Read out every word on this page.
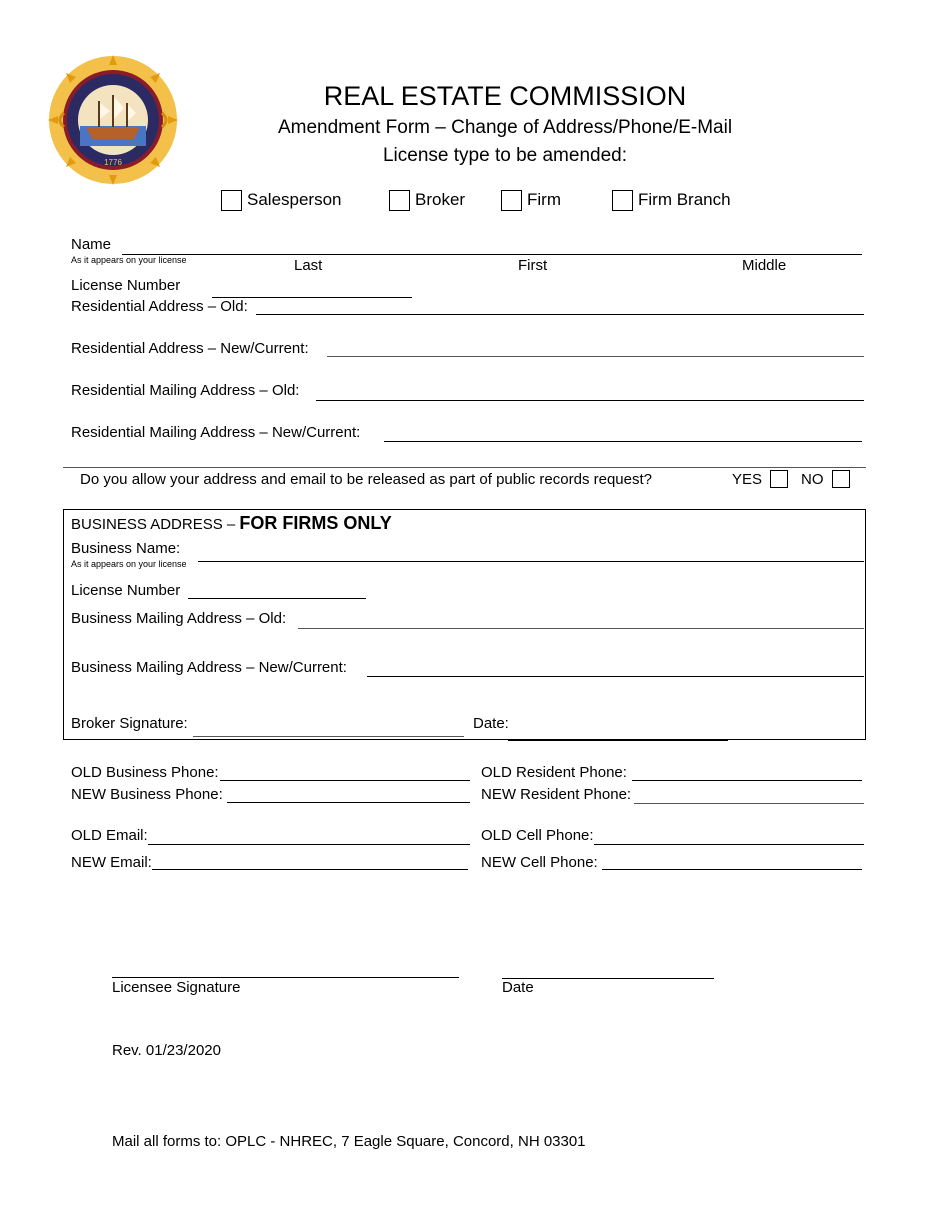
1776
REAL ESTATE COMMISSION
Amendment Form – Change of Address/Phone/E-Mail
License type to be amended:
Salesperson	Broker	Firm	Firm Branch
Name
As it appears on your license	Last	First	Middle
License Number
Residential Address – Old:
Residential Address – New/Current:
Residential Mailing Address – Old:
Residential Mailing Address – New/Current:
Do you allow your address and email to be released as part of public records request?	YES	NO
BUSINESS ADDRESS – FOR FIRMS ONLY
Business Name:
As it appears on your license
License Number
Business Mailing Address – Old:
Business Mailing Address – New/Current:
Broker Signature:	Date:
OLD Business Phone:
NEW Business Phone:
OLD Resident Phone:
NEW Resident Phone:
OLD Email:
NEW Email:
OLD Cell Phone:
NEW Cell Phone:
Licensee Signature	Date
Rev. 01/23/2020
Mail all forms to: OPLC - NHREC, 7 Eagle Square, Concord, NH 03301
